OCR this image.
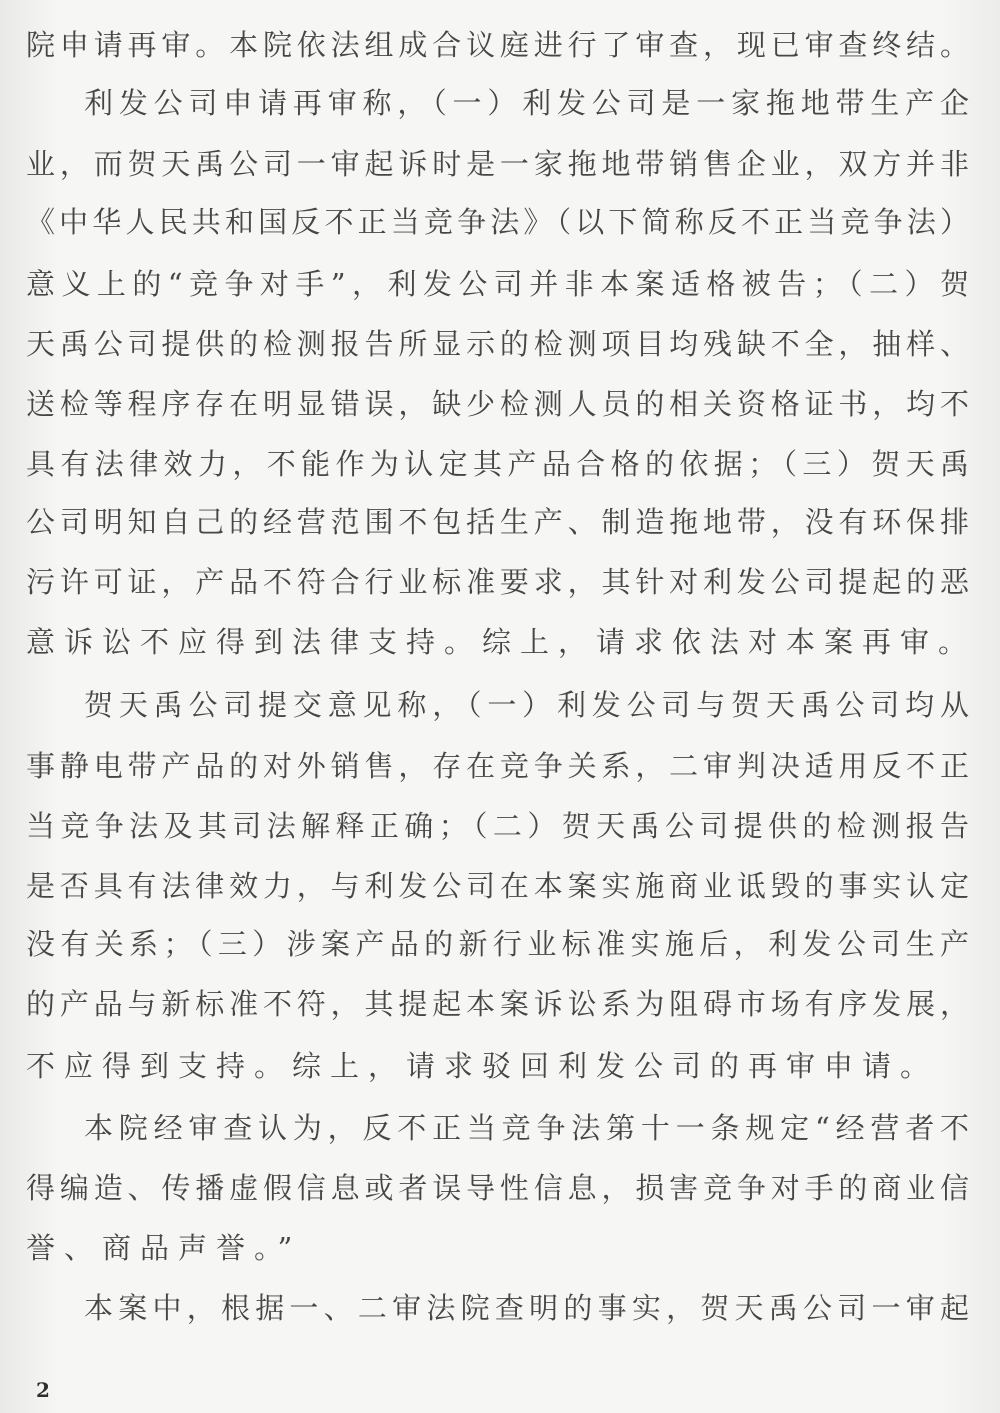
院申请再审。本院依法组成合议庭进行了审查，现已审查终结。
利发公司申请再审称，（一）利发公司是一家拖地带生产企
业，而贺天禹公司一审起诉时是一家拖地带销售企业，双方并非
《中华人民共和国反不正当竞争法》（以下简称反不正当竞争法）
意义上的“竞争对手”，利发公司并非本案适格被告；（二）贺
天禹公司提供的检测报告所显示的检测项目均残缺不全，抽样、
送检等程序存在明显错误，缺少检测人员的相关资格证书，均不
具有法律效力，不能作为认定其产品合格的依据；（三）贺天禹
公司明知自己的经营范围不包括生产、制造拖地带，没有环保排
污许可证，产品不符合行业标准要求，其针对利发公司提起的恶
意诉讼不应得到法律支持。综上，请求依法对本案再审。
贺天禹公司提交意见称，（一）利发公司与贺天禹公司均从
事静电带产品的对外销售，存在竞争关系，二审判决适用反不正
当竞争法及其司法解释正确；（二）贺天禹公司提供的检测报告
是否具有法律效力，与利发公司在本案实施商业诋毁的事实认定
没有关系；（三）涉案产品的新行业标准实施后，利发公司生产
的产品与新标准不符，其提起本案诉讼系为阻碍市场有序发展，
不应得到支持。综上，请求驳回利发公司的再审申请。
本院经审查认为，反不正当竞争法第十一条规定“经营者不
得编造、传播虚假信息或者误导性信息，损害竞争对手的商业信
誉、商品声誉。”
本案中，根据一、二审法院查明的事实，贺天禹公司一审起
2
